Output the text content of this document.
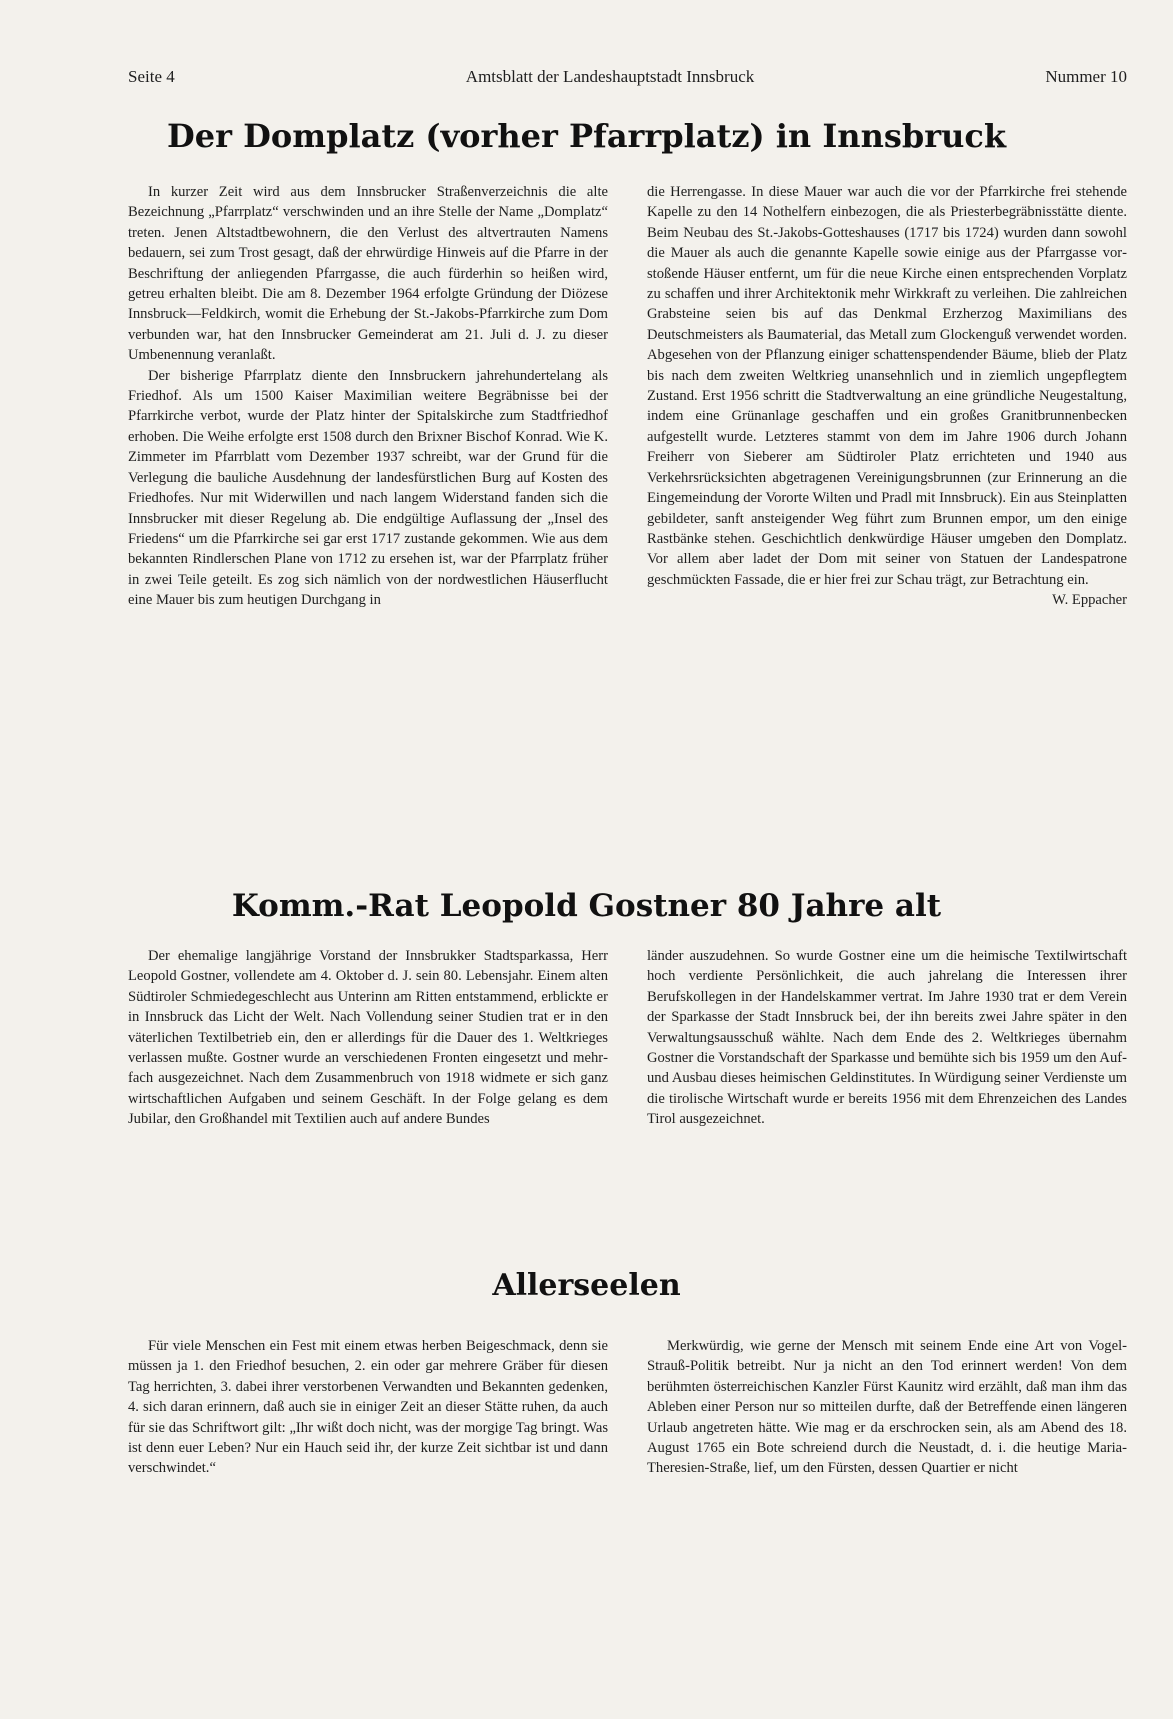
Seite 4	Amtsblatt der Landeshauptstadt Innsbruck	Nummer 10
Der Domplatz (vorher Pfarrplatz) in Innsbruck

In kurzer Zeit wird aus dem Innsbrucker Straßenverzeichnis die alte Bezeichnung „Pfarrplatz“ verschwinden und an ihre Stelle der Name „Domplatz“ treten. Jenen Altstadtbewohnern, die den Verlust des altvertrauten Namens bedauern, sei zum Trost gesagt, daß der ehrwürdige Hinweis auf die Pfarre in der Beschriftung der anliegenden Pfarrgasse, die auch fürderhin so heißen wird, getreu erhalten bleibt. Die am 8. Dezember 1964 erfolgte Gründung der Diözese Innsbruck—Feldkirch, womit die Erhebung der St.-Jakobs-Pfarrkirche zum Dom verbunden war, hat den Innsbrucker Gemeinderat am 21. Juli d. J. zu dieser Umbenennung veranlaßt.

Der bisherige Pfarrplatz diente den Innsbruckern jahrehundertelang als Friedhof. Als um 1500 Kaiser Maximilian weitere Begräbnisse bei der Pfarrkirche verbot, wurde der Platz hinter der Spitalskirche zum Stadtfriedhof erhoben. Die Weihe erfolgte erst 1508 durch den Brixner Bischof Konrad. Wie K. Zimmeter im Pfarrblatt vom Dezember 1937 schreibt, war der Grund für die Verlegung die bauliche Ausdehnung der landesfürstlichen Burg auf Kosten des Friedhofes. Nur mit Widerwillen und nach langem Widerstand fanden sich die Innsbrucker mit dieser Regelung ab. Die endgültige Auflassung der „Insel des Friedens“ um die Pfarrkirche sei gar erst 1717 zustande gekommen. Wie aus dem bekannten Rindlerschen Plane von 1712 zu ersehen ist, war der Pfarrplatz früher in zwei Teile geteilt. Es zog sich nämlich von der nordwestlichen Häuserflucht eine Mauer bis zum heutigen Durchgang in

die Herrengasse. In diese Mauer war auch die vor der Pfarrkirche frei stehende Kapelle zu den 14 Nothelfern einbezogen, die als Priesterbegräbnisstätte diente. Beim Neubau des St.-Jakobs-Gotteshauses (1717 bis 1724) wurden dann sowohl die Mauer als auch die genannte Kapelle sowie einige aus der Pfarrgasse vorstoßende Häuser entfernt, um für die neue Kirche einen entsprechenden Vorplatz zu schaffen und ihrer Architektonik mehr Wirkkraft zu verleihen. Die zahlreichen Grabsteine seien bis auf das Denkmal Erzherzog Maximilians des Deutschmeisters als Baumaterial, das Metall zum Glockenguß verwendet worden. Abgesehen von der Pflanzung einiger schattenspendender Bäume, blieb der Platz bis nach dem zweiten Weltkrieg unansehnlich und in ziemlich ungepflegtem Zustand. Erst 1956 schritt die Stadtverwaltung an eine gründliche Neugestaltung, indem eine Grünanlage geschaffen und ein großes Granitbrunnenbecken aufgestellt wurde. Letzteres stammt von dem im Jahre 1906 durch Johann Freiherr von Sieberer am Südtiroler Platz errichteten und 1940 aus Verkehrsrücksichten abgetragenen Vereinigungsbrunnen (zur Erinnerung an die Eingemeindung der Vororte Wilten und Pradl mit Innsbruck). Ein aus Steinplatten gebildeter, sanft ansteigender Weg führt zum Brunnen empor, um den einige Rastbänke stehen. Geschichtlich denkwürdige Häuser umgeben den Domplatz. Vor allem aber ladet der Dom mit seiner von Statuen der Landespatrone geschmückten Fassade, die er hier frei zur Schau trägt, zur Betrachtung ein.
W. Eppacher

Komm.-Rat Leopold Gostner 80 Jahre alt

Der ehemalige langjährige Vorstand der Innsbrukker Stadtsparkassa, Herr Leopold Gostner, vollendete am 4. Oktober d. J. sein 80. Lebensjahr. Einem alten Südtiroler Schmiedegeschlecht aus Unterinn am Ritten entstammend, erblickte er in Innsbruck das Licht der Welt. Nach Vollendung seiner Studien trat er in den väterlichen Textilbetrieb ein, den er allerdings für die Dauer des 1. Weltkrieges verlassen mußte. Gostner wurde an verschiedenen Fronten eingesetzt und mehrfach ausgezeichnet. Nach dem Zusammenbruch von 1918 widmete er sich ganz wirtschaftlichen Aufgaben und seinem Geschäft. In der Folge gelang es dem Jubilar, den Großhandel mit Textilien auch auf andere Bundes

länder auszudehnen. So wurde Gostner eine um die heimische Textilwirtschaft hoch verdiente Persönlichkeit, die auch jahrelang die Interessen ihrer Berufskollegen in der Handelskammer vertrat. Im Jahre 1930 trat er dem Verein der Sparkasse der Stadt Innsbruck bei, der ihn bereits zwei Jahre später in den Verwaltungsausschuß wählte. Nach dem Ende des 2. Weltkrieges übernahm Gostner die Vorstandschaft der Sparkasse und bemühte sich bis 1959 um den Auf- und Ausbau dieses heimischen Geldinstitutes. In Würdigung seiner Verdienste um die tirolische Wirtschaft wurde er bereits 1956 mit dem Ehrenzeichen des Landes Tirol ausgezeichnet.

Allerseelen

Für viele Menschen ein Fest mit einem etwas herben Beigeschmack, denn sie müssen ja 1. den Friedhof besuchen, 2. ein oder gar mehrere Gräber für diesen Tag herrichten, 3. dabei ihrer verstorbenen Verwandten und Bekannten gedenken, 4. sich daran erinnern, daß auch sie in einiger Zeit an dieser Stätte ruhen, da auch für sie das Schriftwort gilt: „Ihr wißt doch nicht, was der morgige Tag bringt. Was ist denn euer Leben? Nur ein Hauch seid ihr, der kurze Zeit sichtbar ist und dann verschwindet.“

Merkwürdig, wie gerne der Mensch mit seinem Ende eine Art von Vogel-Strauß-Politik betreibt. Nur ja nicht an den Tod erinnert werden! Von dem berühmten österreichischen Kanzler Fürst Kaunitz wird erzählt, daß man ihm das Ableben einer Person nur so mitteilen durfte, daß der Betreffende einen längeren Urlaub angetreten hätte. Wie mag er da erschrocken sein, als am Abend des 18. August 1765 ein Bote schreiend durch die Neustadt, d. i. die heutige Maria-Theresien-Straße, lief, um den Fürsten, dessen Quartier er nicht
